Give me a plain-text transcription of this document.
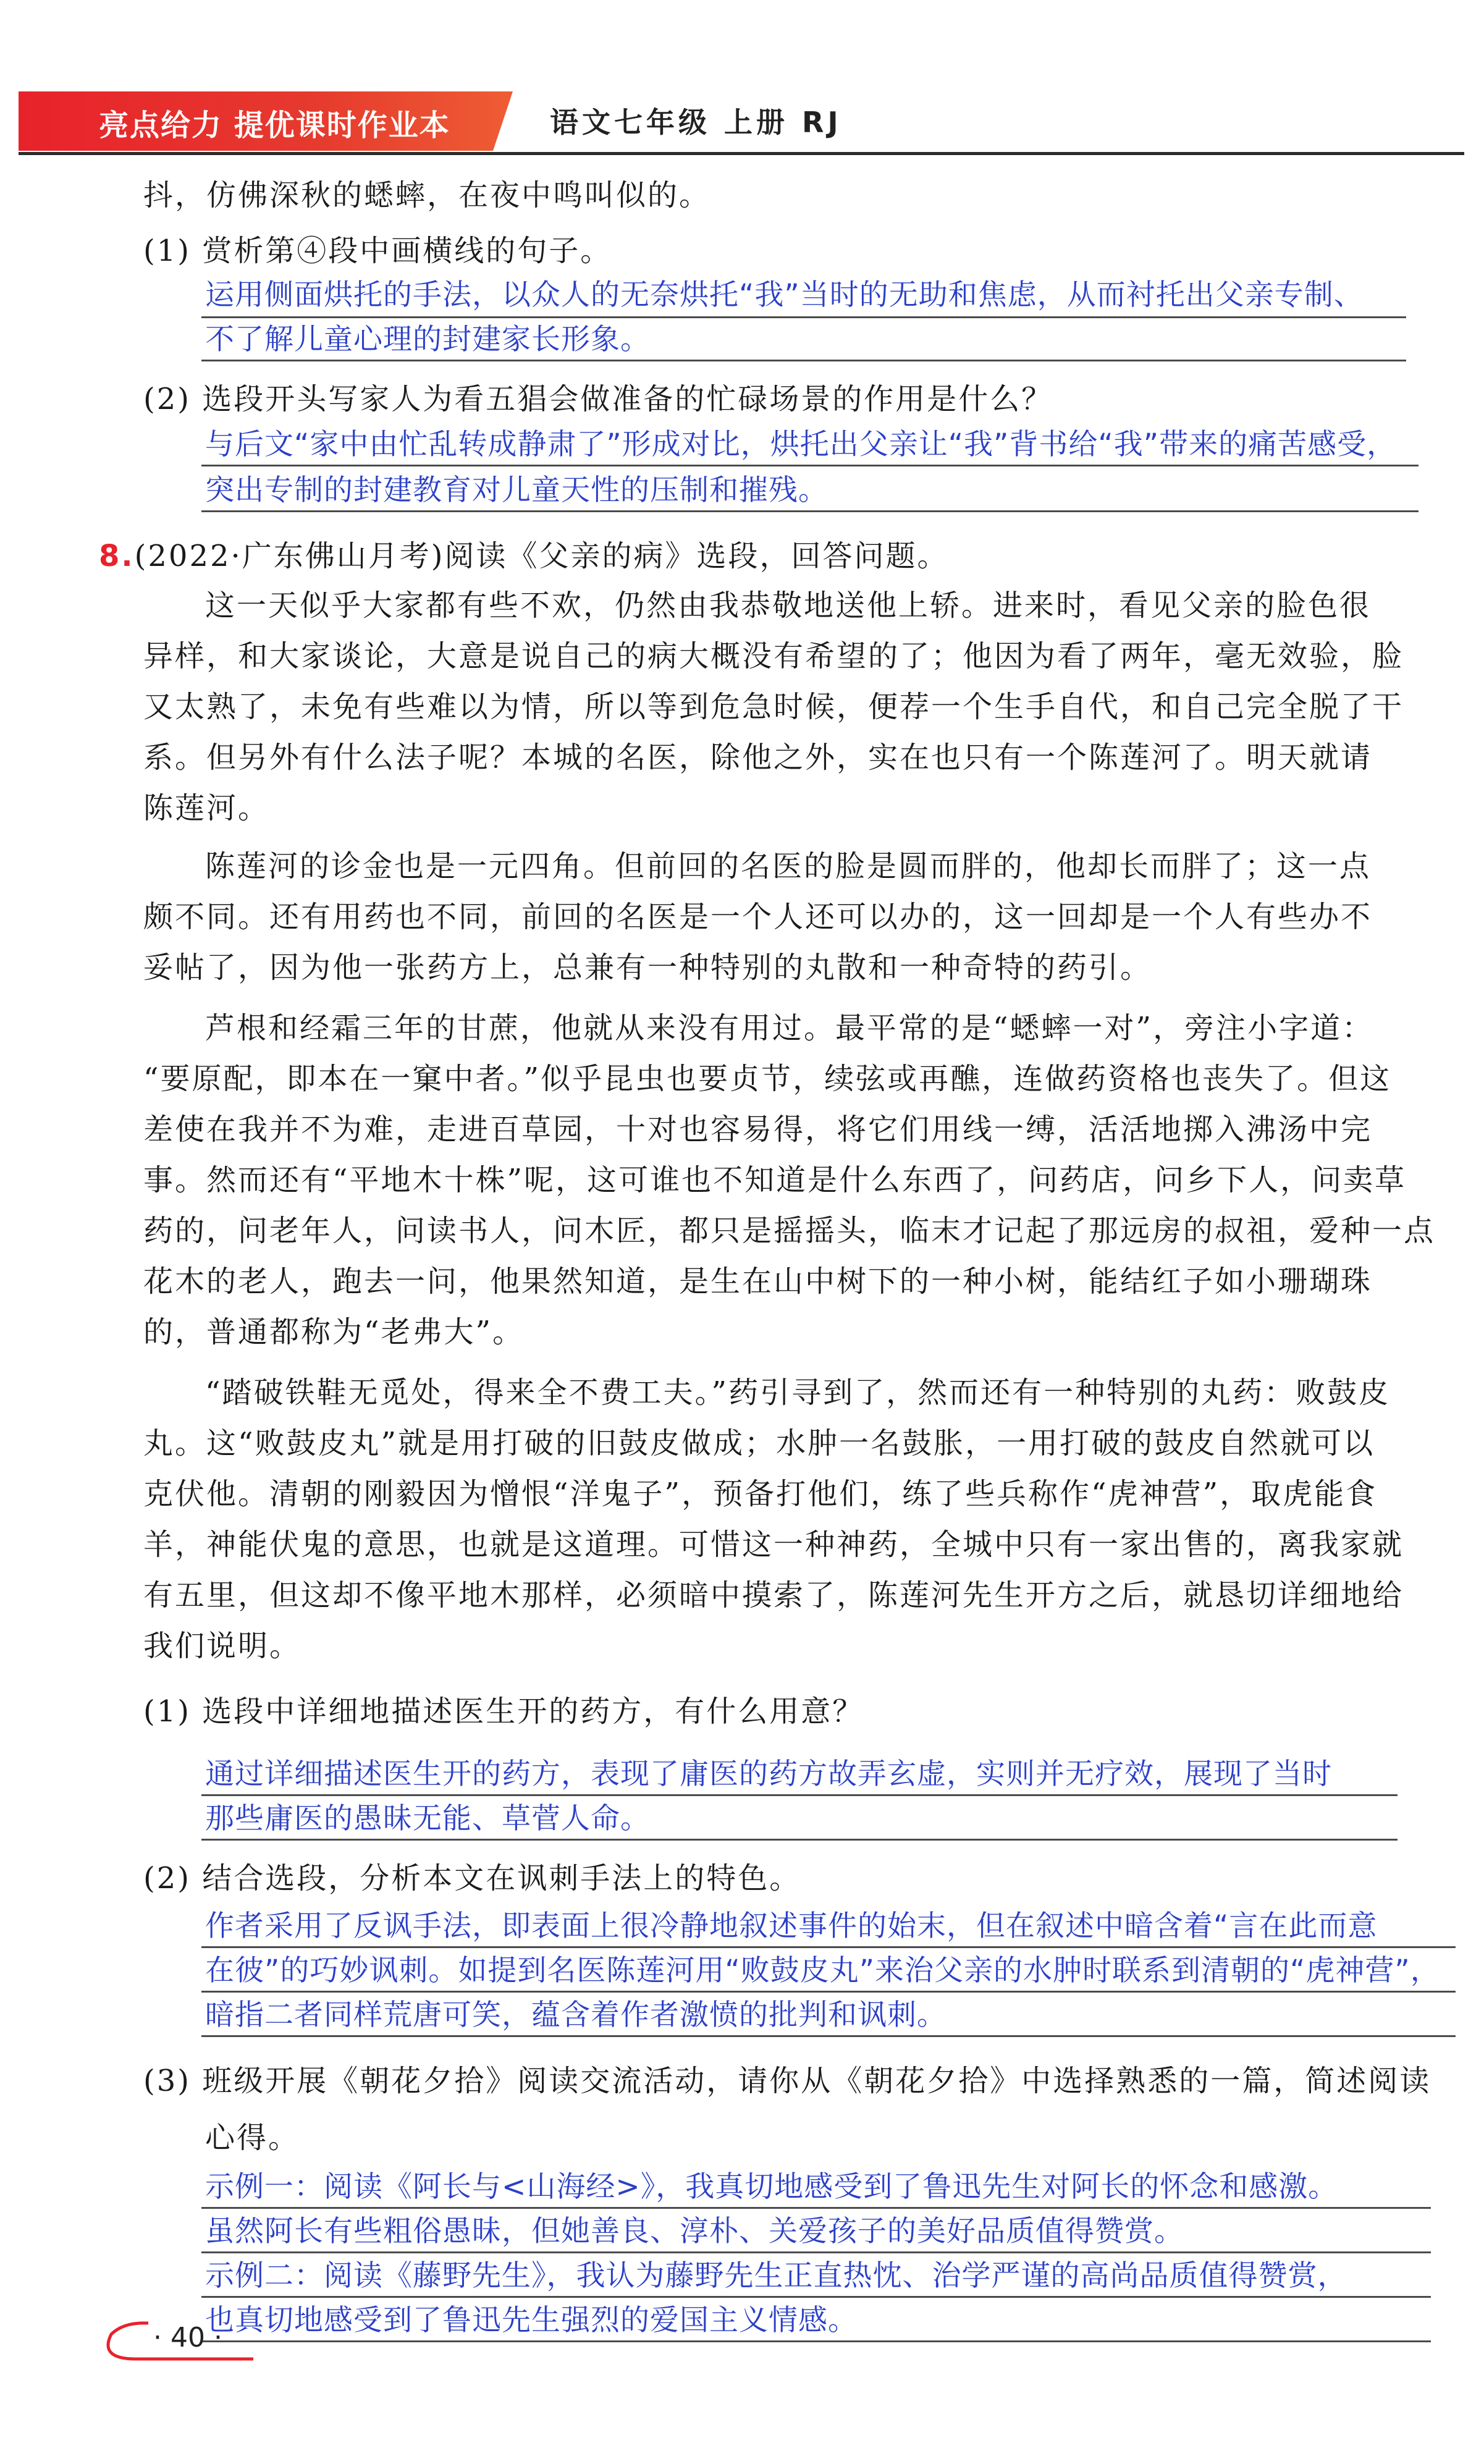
亮点给力 提优课时作业本	语文七年级 上册 RJ
抖，仿佛深秋的蟋蟀，在夜中鸣叫似的。
(1) 赏析第④段中画横线的句子。
运用侧面烘托的手法，以众人的无奈烘托“我”当时的无助和焦虑，从而衬托出父亲专制、
不了解儿童心理的封建家长形象。
(2) 选段开头写家人为看五猖会做准备的忙碌场景的作用是什么？
与后文“家中由忙乱转成静肃了”形成对比，烘托出父亲让“我”背书给“我”带来的痛苦感受，
突出专制的封建教育对儿童天性的压制和摧残。
8.(2022·广东佛山月考)阅读《父亲的病》选段，回答问题。
这一天似乎大家都有些不欢，仍然由我恭敬地送他上轿。进来时，看见父亲的脸色很
异样，和大家谈论，大意是说自己的病大概没有希望的了；他因为看了两年，毫无效验，脸
又太熟了，未免有些难以为情，所以等到危急时候，便荐一个生手自代，和自己完全脱了干
系。但另外有什么法子呢？本城的名医，除他之外，实在也只有一个陈莲河了。明天就请
陈莲河。
陈莲河的诊金也是一元四角。但前回的名医的脸是圆而胖的，他却长而胖了；这一点
颇不同。还有用药也不同，前回的名医是一个人还可以办的，这一回却是一个人有些办不
妥帖了，因为他一张药方上，总兼有一种特别的丸散和一种奇特的药引。
芦根和经霜三年的甘蔗，他就从来没有用过。最平常的是“蟋蟀一对”，旁注小字道：
“要原配，即本在一窠中者。”似乎昆虫也要贞节，续弦或再醮，连做药资格也丧失了。但这
差使在我并不为难，走进百草园，十对也容易得，将它们用线一缚，活活地掷入沸汤中完
事。然而还有“平地木十株”呢，这可谁也不知道是什么东西了，问药店，问乡下人，问卖草
药的，问老年人，问读书人，问木匠，都只是摇摇头，临末才记起了那远房的叔祖，爱种一点
花木的老人，跑去一问，他果然知道，是生在山中树下的一种小树，能结红子如小珊瑚珠
的，普通都称为“老弗大”。
“踏破铁鞋无觅处，得来全不费工夫。”药引寻到了，然而还有一种特别的丸药：败鼓皮
丸。这“败鼓皮丸”就是用打破的旧鼓皮做成；水肿一名鼓胀，一用打破的鼓皮自然就可以
克伏他。清朝的刚毅因为憎恨“洋鬼子”，预备打他们，练了些兵称作“虎神营”，取虎能食
羊，神能伏鬼的意思，也就是这道理。可惜这一种神药，全城中只有一家出售的，离我家就
有五里，但这却不像平地木那样，必须暗中摸索了，陈莲河先生开方之后，就恳切详细地给
我们说明。
(1) 选段中详细地描述医生开的药方，有什么用意？
通过详细描述医生开的药方，表现了庸医的药方故弄玄虚，实则并无疗效，展现了当时
那些庸医的愚昧无能、草菅人命。
(2) 结合选段，分析本文在讽刺手法上的特色。
作者采用了反讽手法，即表面上很冷静地叙述事件的始末，但在叙述中暗含着“言在此而意
在彼”的巧妙讽刺。如提到名医陈莲河用“败鼓皮丸”来治父亲的水肿时联系到清朝的“虎神营”，
暗指二者同样荒唐可笑，蕴含着作者激愤的批判和讽刺。
(3) 班级开展《朝花夕拾》阅读交流活动，请你从《朝花夕拾》中选择熟悉的一篇，简述阅读
心得。
示例一：阅读《阿长与<山海经>》，我真切地感受到了鲁迅先生对阿长的怀念和感激。
虽然阿长有些粗俗愚昧，但她善良、淳朴、关爱孩子的美好品质值得赞赏。
示例二：阅读《藤野先生》，我认为藤野先生正直热忱、治学严谨的高尚品质值得赞赏，
也真切地感受到了鲁迅先生强烈的爱国主义情感。
· 40 ·
